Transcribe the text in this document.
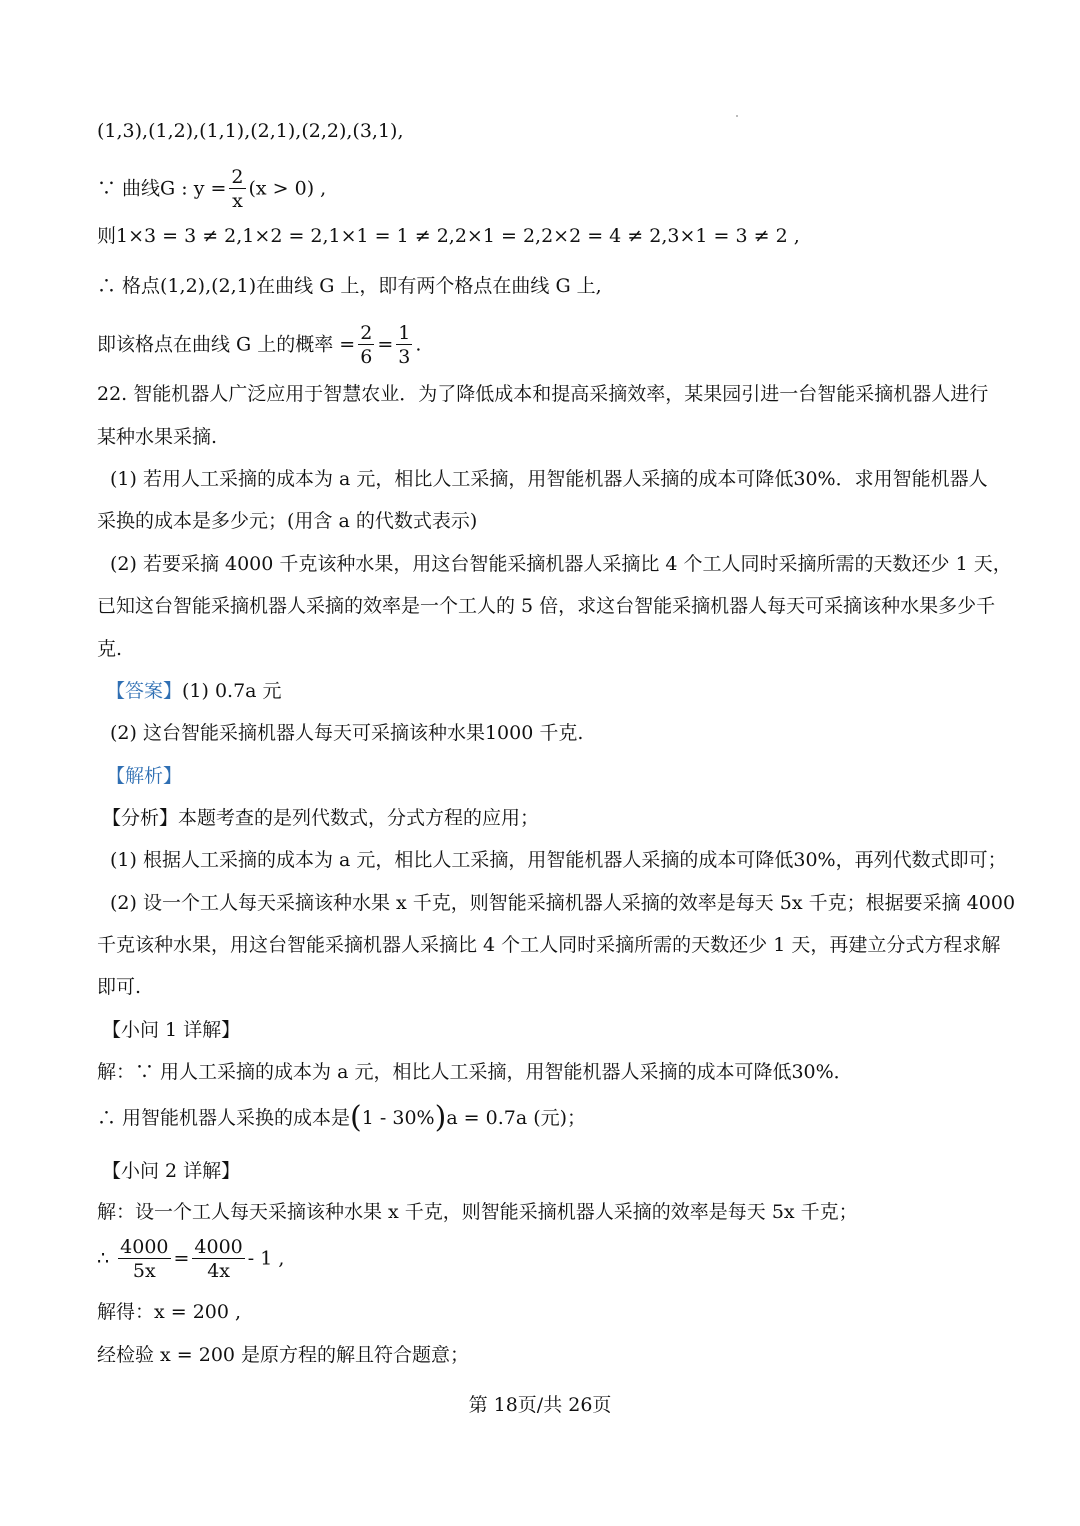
(1,3),(1,2),(1,1),(2,1),(2,2),(3,1),
∵ 曲线G : $y = \frac{2}{x} (x > 0)$ ,
则1×3 = 3 ≠ 2,1×2 = 2,1×1 = 1 ≠ 2,2×1 = 2,2×2 = 4 ≠ 2,3×1 = 3 ≠ 2 ,
∴ 格点(1,2),(2,1)在曲线 G 上，即有两个格点在曲线 G 上,
即该格点在曲线 G 上的概率 = $\frac{2}{6} = \frac{1}{3}$ .
22. 智能机器人广泛应用于智慧农业．为了降低成本和提高采摘效率，某果园引进一台智能采摘机器人进行
某种水果采摘.
(1) 若用人工采摘的成本为 a 元，相比人工采摘，用智能机器人采摘的成本可降低30%．求用智能机器人
采换的成本是多少元；(用含 a 的代数式表示)
(2) 若要采摘 4000 千克该种水果，用这台智能采摘机器人采摘比 4 个工人同时采摘所需的天数还少 1 天，
已知这台智能采摘机器人采摘的效率是一个工人的 5 倍，求这台智能采摘机器人每天可采摘该种水果多少千
克.
【答案】(1) 0.7a 元
(2) 这台智能采摘机器人每天可采摘该种水果1000 千克.
【解析】
【分析】本题考查的是列代数式，分式方程的应用；
(1) 根据人工采摘的成本为 a 元，相比人工采摘，用智能机器人采摘的成本可降低30%，再列代数式即可；
(2) 设一个工人每天采摘该种水果 x 千克，则智能采摘机器人采摘的效率是每天 5x 千克；根据要采摘 4000
千克该种水果，用这台智能采摘机器人采摘比 4 个工人同时采摘所需的天数还少 1 天，再建立分式方程求解
即可.
【小问 1 详解】
解：∵ 用人工采摘的成本为 a 元，相比人工采摘，用智能机器人采摘的成本可降低30%．
∴ 用智能机器人采换的成本是(1 - 30%)a = 0.7a (元)；
【小问 2 详解】
解：设一个工人每天采摘该种水果 x 千克，则智能采摘机器人采摘的效率是每天 5x 千克；
∴ $\frac{4000}{5x} = \frac{4000}{4x} - 1$ ,
解得：x = 200 ,
经检验 x = 200 是原方程的解且符合题意；
第 18页/共 26页
